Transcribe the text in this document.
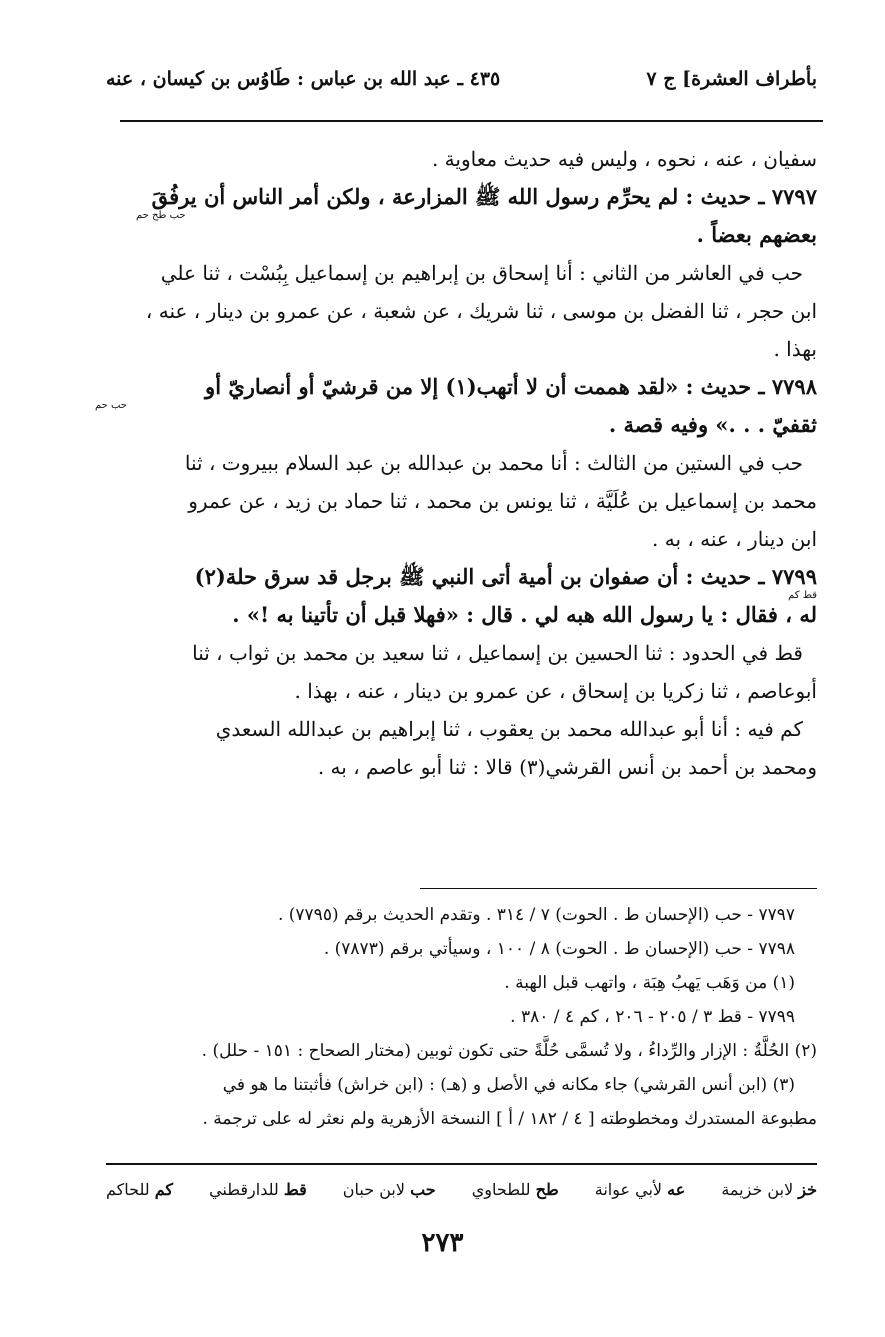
بأطراف العشرة] ج ٧
٤٣٥ ـ عبد الله بن عباس : طَاوُس بن كيسان ، عنه
سفيان ، عنه ، نحوه ، وليس فيه حديث معاوية .
٧٧٩٧ ـ حديث : لم يحرِّم رسول الله ﷺ المزارعة ، ولكن أمر الناس أن يرفُقَ
حب طح حم
بعضهم بعضاً .
حب في العاشر من الثاني : أنا إسحاق بن إبراهيم بن إسماعيل بِبُسْت ، ثنا علي
ابن حجر ، ثنا الفضل بن موسى ، ثنا شريك ، عن شعبة ، عن عمرو بن دينار ، عنه ،
بهذا .
٧٧٩٨ ـ حديث : «لقد هممت أن لا أتهب(١) إلا من قرشيّ أو أنصاريّ أو
حب حم
ثقفيّ . . .» وفيه قصة .
حب في الستين من الثالث : أنا محمد بن عبدالله بن عبد السلام ببيروت ، ثنا
محمد بن إسماعيل بن عُلَيَّة ، ثنا يونس بن محمد ، ثنا حماد بن زيد ، عن عمرو
ابن دينار ، عنه ، به .
٧٧٩٩ ـ حديث : أن صفوان بن أمية أتى النبي ﷺ برجل قد سرق حلة(٢)
قط كم
له ، فقال : يا رسول الله هبه لي . قال : «فهلا قبل أن تأتينا به !» .
قط في الحدود : ثنا الحسين بن إسماعيل ، ثنا سعيد بن محمد بن ثواب ، ثنا
أبوعاصم ، ثنا زكريا بن إسحاق ، عن عمرو بن دينار ، عنه ، بهذا .
كم فيه : أنا أبو عبدالله محمد بن يعقوب ، ثنا إبراهيم بن عبدالله السعدي
ومحمد بن أحمد بن أنس القرشي(٣) قالا : ثنا أبو عاصم ، به .
٧٧٩٧ - حب (الإحسان ط . الحوت) ٧ / ٣١٤ . وتقدم الحديث برقم (٧٧٩٥) .
٧٧٩٨ - حب (الإحسان ط . الحوت) ٨ / ١٠٠ ، وسيأتي برقم (٧٨٧٣) .
(١) من وَهَب يَهبُ هِبَة ، واتهب قبل الهبة .
٧٧٩٩ - قط ٣ / ٢٠٥ - ٢٠٦ ، كم ٤ / ٣٨٠ .
(٢) الحُلَّةُ : الإزار والرِّداءُ ، ولا تُسمَّى حُلَّةً حتى تكون ثوبين (مختار الصحاح : ١٥١ - حلل) .
(٣) (ابن أنس القرشي) جاء مكانه في الأصل و (هـ) : (ابن خراش) فأثبتنا ما هو في
مطبوعة المستدرك ومخطوطته [ ٤ / ١٨٢ / أ ] النسخة الأزهرية ولم نعثر له على ترجمة .
خز لابن خزيمة
عه لأبي عوانة
طح للطحاوي
حب لابن حبان
قط للدارقطني
كم للحاكم
٢٧٣
